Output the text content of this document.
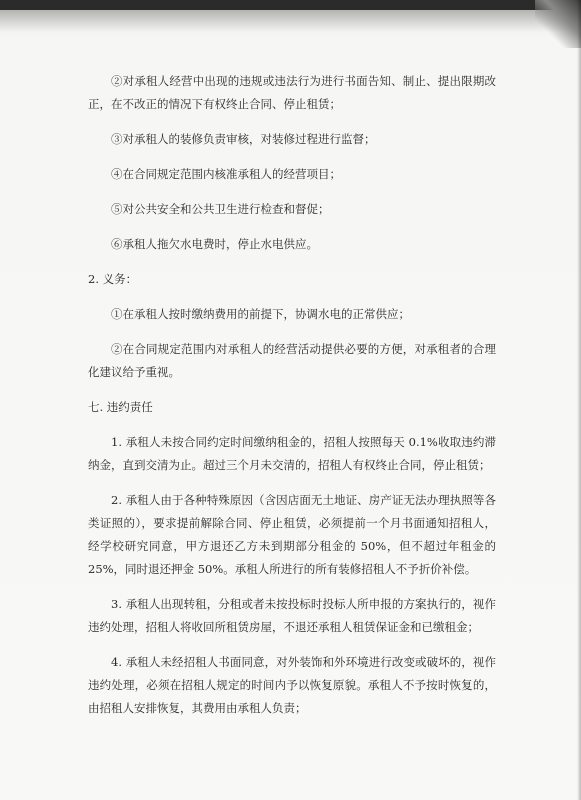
②对承租人经营中出现的违规或违法行为进行书面告知、制止、提出限期改正，在不改正的情况下有权终止合同、停止租赁；

③对承租人的装修负责审核，对装修过程进行监督；

④在合同规定范围内核准承租人的经营项目；

⑤对公共安全和公共卫生进行检查和督促；

⑥承租人拖欠水电费时，停止水电供应。

2. 义务：

①在承租人按时缴纳费用的前提下，协调水电的正常供应；

②在合同规定范围内对承租人的经营活动提供必要的方便，对承租者的合理化建议给予重视。

七. 违约责任

1. 承租人未按合同约定时间缴纳租金的，招租人按照每天 0.1%收取违约滞纳金，直到交清为止。超过三个月未交清的，招租人有权终止合同，停止租赁；

2. 承租人由于各种特殊原因（含因店面无土地证、房产证无法办理执照等各类证照的），要求提前解除合同、停止租赁，必须提前一个月书面通知招租人，经学校研究同意，甲方退还乙方未到期部分租金的 50%，但不超过年租金的 25%，同时退还押金 50%。承租人所进行的所有装修招租人不予折价补偿。

3. 承租人出现转租，分租或者未按投标时投标人所申报的方案执行的，视作违约处理，招租人将收回所租赁房屋，不退还承租人租赁保证金和已缴租金；

4. 承租人未经招租人书面同意，对外装饰和外环境进行改变或破坏的，视作违约处理，必须在招租人规定的时间内予以恢复原貌。承租人不予按时恢复的，由招租人安排恢复，其费用由承租人负责；
